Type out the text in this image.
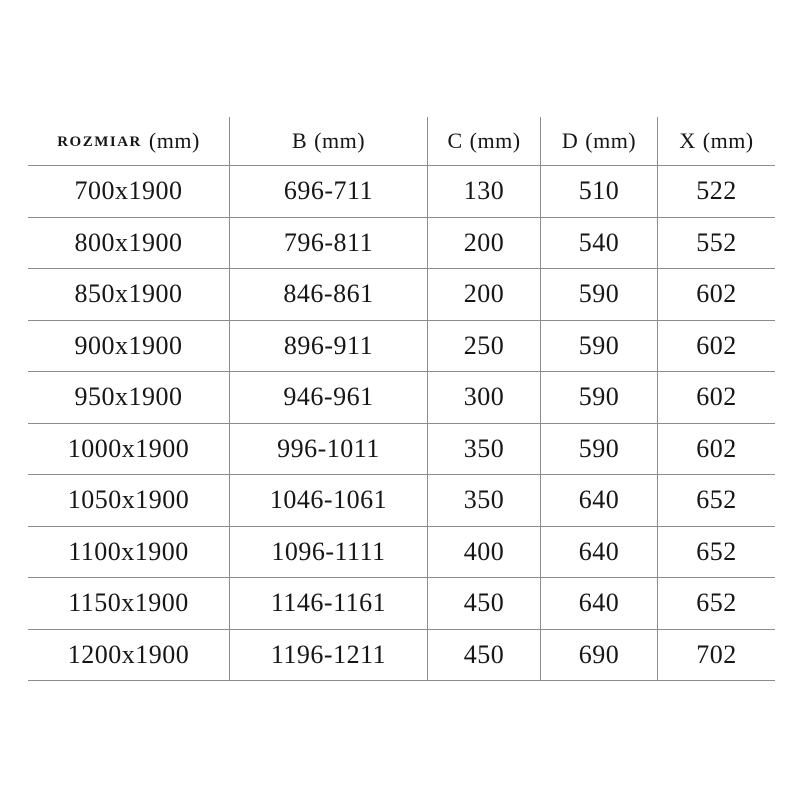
ROZMIAR (mm)	B (mm)	C (mm) D (mm) X (mm)
700x1900	696-711	130	510	522
800x1900	796-811	200	540	552
850x1900	846-861	200	590	602
900x1900	896-911	250	590	602
950x1900	946-961	300	590	602
1000x1900	996-1011	350	590	602
1050x1900	1046-1061	350	640	652
1100x1900	1096-1111	400	640	652
1150x1900	1146-1161	450	640	652
1200x1900	1196-1211	450	690	702
